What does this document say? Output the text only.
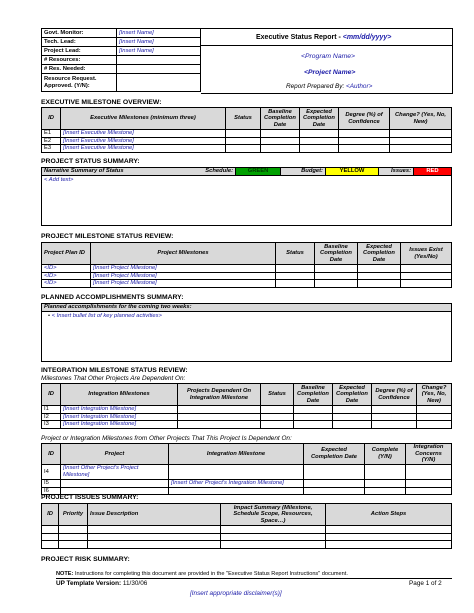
Govt. Monitor:	[Insert Name]
Tech. Lead:	[Insert Name]
Project Lead:	[Insert Name]
# Resources:	
# Res. Needed:	
Resource Request. Approved. (Y/N):	
Executive Status Report - <mm/dd/yyyy>
<Program Name>
<Project Name>
Report Prepared By: <Author>
EXECUTIVE MILESTONE OVERVIEW:
ID	Executive Milestones (minimum three)	Status	Baseline Completion Date	Expected Completion Date	Degree (%) of Confidence	Change? (Yes, No, New)
E1	[Insert Executive Milestone]					
E2	[Insert Executive Milestone]					
E3	[Insert Executive Milestone]					
PROJECT STATUS SUMMARY:
Narrative Summary of Status	Schedule:	GREEN	Budget:	YELLOW	Issues:	RED
< Add text>
PROJECT MILESTONE STATUS REVIEW:
Project Plan ID	Project Milestones	Status	Baseline Completion Date	Expected Completion Date	Issues Exist (Yes/No)
<ID>	[Insert Project Milestone]				
<ID>	[Insert Project Milestone]				
<ID>	[Insert Project Milestone]				
PLANNED ACCOMPLISHMENTS SUMMARY:
Planned accomplishments for the coming two weeks:
• < Insert bullet list of key planned activities>
INTEGRATION MILESTONE STATUS REVIEW:
Milestones That Other Projects Are Dependent On:
ID	Integration Milestones	Projects Dependent On Integration Milestone	Status	Baseline Completion Date	Expected Completion Date	Degree (%) of Confidence	Change? (Yes, No, New)
I1	[Insert Integration Milestone]						
I2	[Insert Integration Milestone]						
I3	[Insert Integration Milestone]						
Project or Integration Milestones from Other Projects That This Project Is Dependent On:
ID	Project	Integration Milestone	Expected Completion Date	Complete (Y/N)	Integration Concerns (Y/N)
I4	[Insert Other Project's Project Milestone]				
I5		[Insert Other Project's Integration Milestone]			
I6					
PROJECT ISSUES SUMMARY:
ID	Priority	Issue Description	Impact Summary (Milestone, Schedule Scope, Resources, Space…)	Action Steps

PROJECT RISK SUMMARY:
NOTE: Instructions for completing this document are provided in the "Executive Status Report Instructions" document.
UP Template Version: 11/30/06	Page 1 of 2
[Insert appropriate disclaimer(s)]
